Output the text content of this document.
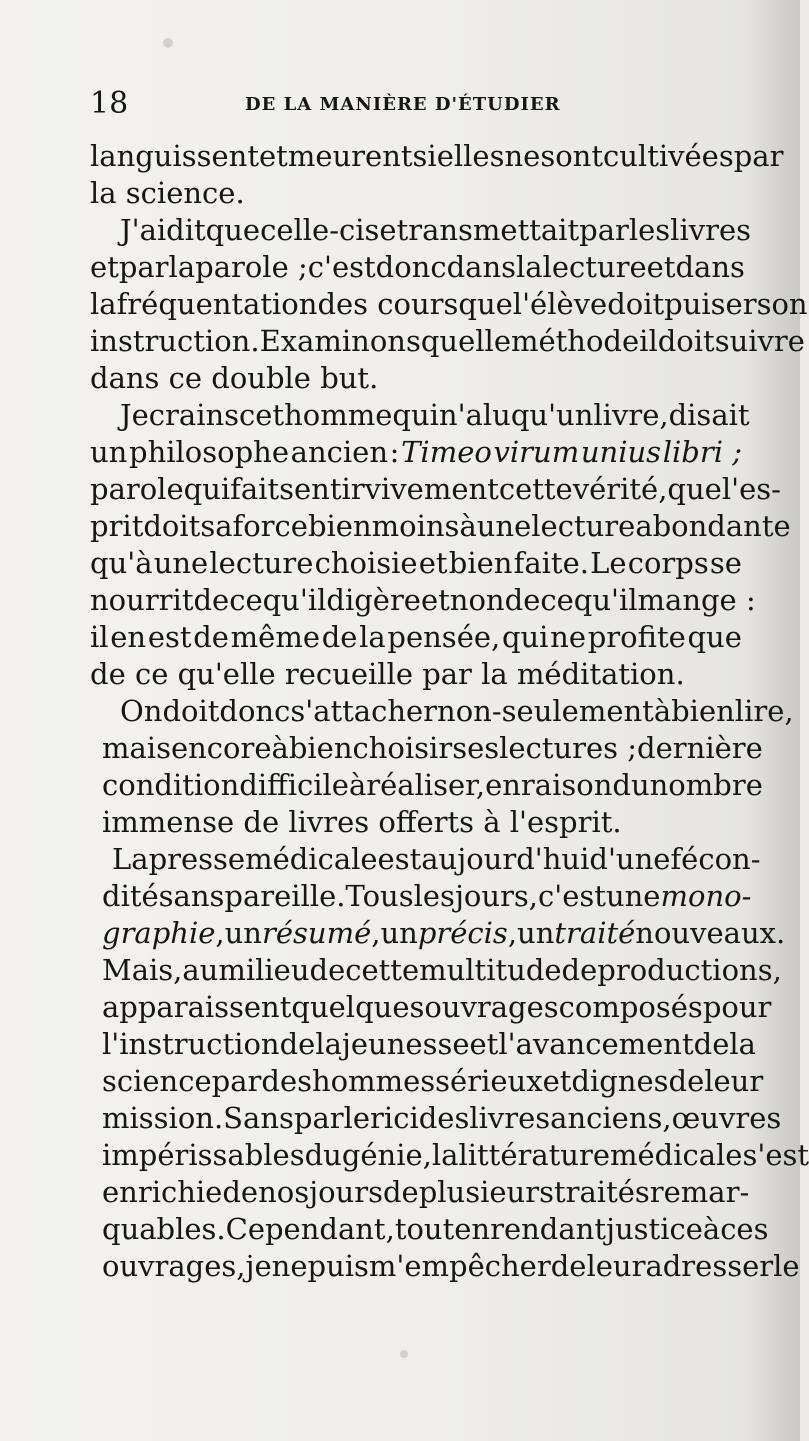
18	DE LA MANIÈRE D'ÉTUDIER
languissent et meurent si elles ne sont cultivées par
la science.
J'ai dit que celle-ci se transmettait par les livres
et par la parole ; c'est donc dans la lecture et dans
la fréquentation des cours que l'élève doit puiser son
instruction. Examinons quelle méthode il doit suivre
dans ce double but.
Je crains cet homme qui n'a lu qu'un livre, disait
un philosophe ancien : Timeo virum unius libri ;
parole qui fait sentir vivement cette vérité, que l'es-
prit doit sa force bien moins à une lecture abondante
qu'à une lecture choisie et bien faite. Le corps se
nourrit de ce qu'il digère et non de ce qu'il mange :
il en est de même de la pensée, qui ne profite que
de ce qu'elle recueille par la méditation.
On doit donc s'attacher non-seulement à bien lire,
mais encore à bien choisir ses lectures ; dernière
condition difficile à réaliser, en raison du nombre
immense de livres offerts à l'esprit.
La presse médicale est aujourd'hui d'une fécon-
dité sans pareille. Tous les jours, c'est une mono-
graphie, un résumé, un précis, un traité nouveaux.
Mais, au milieu de cette multitude de productions,
apparaissent quelques ouvrages composés pour
l'instruction de la jeunesse et l'avancement de la
science par des hommes sérieux et dignes de leur
mission. Sans parler ici des livres anciens, œuvres
impérissables du génie, la littérature médicale s'est
enrichie de nos jours de plusieurs traités remar-
quables. Cependant, tout en rendant justice à ces
ouvrages, je ne puis m'empêcher de leur adresser le
